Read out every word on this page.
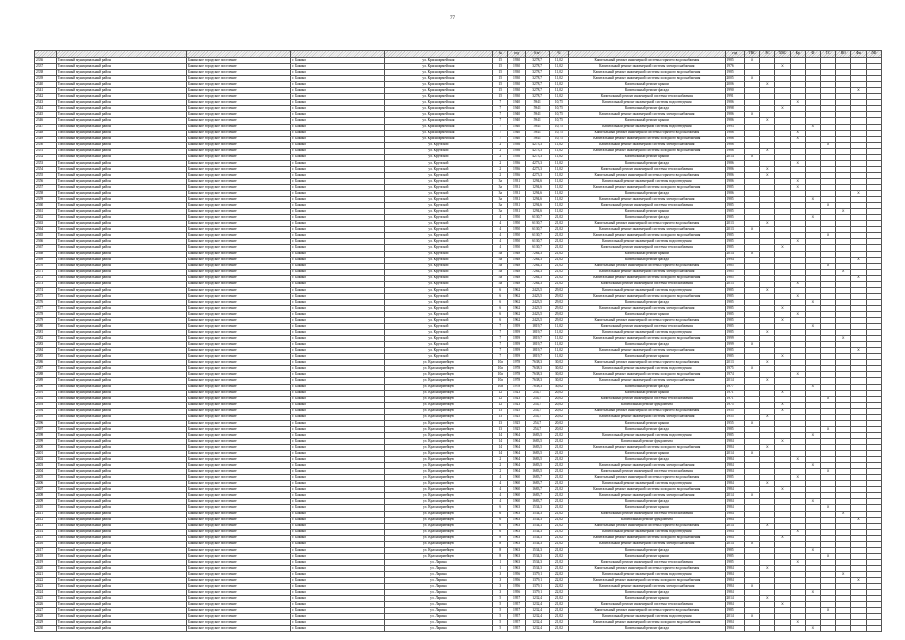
77
					№	год	S,м²	%		год	ГВС	ЭС	ХВС	Кр	Ф	ТС	ВО	Фн	ЛФ
2336	Тополиный муниципальный район	Бакинское городское поселение	г. Бакино	ул. Красноармейская	15	1930	3278,7	11,02	Капитальный ремонт инженерной системы горячего водоснабжения	1985	X								
2337	Тополиный муниципальный район	Бакинское городское поселение	г. Бакино	ул. Красноармейская	15	1930	3278,7	11,02	Капитальный ремонт инженерной системы электроснабжения	1976			X						
2338	Тополиный муниципальный район	Бакинское городское поселение	г. Бакино	ул. Красноармейская	15	1930	3278,7	11,02	Капитальный ремонт инженерной системы холодного водоснабжения	1985									
2339	Тополиный муниципальный район	Бакинское городское поселение	г. Бакино	ул. Красноармейская	15	1930	3278,7	11,02	Капитальный ремонт инженерной системы холодного водоснабжения	2005	X								
2340	Тополиный муниципальный район	Бакинское городское поселение	г. Бакино	ул. Красноармейская	15	1930	3278,7	11,02	Капитальный ремонт крыши	2006		X							
2341	Тополиный муниципальный район	Бакинское городское поселение	г. Бакино	ул. Красноармейская	15	1930	3278,7	11,02	Капитальный ремонт фасада	1990								X	
2342	Тополиный муниципальный район	Бакинское городское поселение	г. Бакино	ул. Красноармейская	15	1930	3278,7	11,02	Капитальный ремонт инженерной системы теплоснабжения	1991									
2343	Тополиный муниципальный район	Бакинское городское поселение	г. Бакино	ул. Красноармейская	7	1940	5941	10,75	Капитальный ремонт инженерной системы водоотведения	1986				X					
2344	Тополиный муниципальный район	Бакинское городское поселение	г. Бакино	ул. Красноармейская	7	1940	5941	10,75	Капитальный ремонт фасада	1998			X						
2345	Тополиный муниципальный район	Бакинское городское поселение	г. Бакино	ул. Красноармейская	7	1940	5941	10,75	Капитальный ремонт инженерной системы электроснабжения	1986	X								
2346	Тополиный муниципальный район	Бакинское городское поселение	г. Бакино	ул. Красноармейская	7	1940	5941	10,75	Капитальный ремонт крыши	1986		X							
2347	Тополиный муниципальный район	Бакинское городское поселение	г. Бакино	ул. Красноармейская	7	1940	5941	10,75	Капитальный ремонт инженерной системы водоотведения	1993					X				
2348	Тополиный муниципальный район	Бакинское городское поселение	г. Бакино	ул. Красноармейская	7	1940	5941	10,75	Капитальный ремонт инженерной системы горячего водоснабжения	1986				X					
2349	Тополиный муниципальный район	Бакинское городское поселение	г. Бакино	ул. Красноармейская	7	1940	5941	10,75	Капитальный ремонт инженерной системы холодного водоснабжения	1986				X					
2350	Тополиный муниципальный район	Бакинское городское поселение	г. Бакино	ул. Крупской	2	1936	4273,3	11,02	Капитальный ремонт инженерной системы электроснабжения	1986						X			
2351	Тополиный муниципальный район	Бакинское городское поселение	г. Бакино	ул. Крупской	2	1936	4273,3	11,02	Капитальный ремонт инженерной системы холодного водоснабжения	1986		X							
2352	Тополиный муниципальный район	Бакинское городское поселение	г. Бакино	ул. Крупской	2	1936	4273,3	11,02	Капитальный ремонт крыши	2014	X								
2353	Тополиный муниципальный район	Бакинское городское поселение	г. Бакино	ул. Крупской	2	1936	4273,3	11,02	Капитальный ремонт фасада	1986				X					
2354	Тополиный муниципальный район	Бакинское городское поселение	г. Бакино	ул. Крупской	2	1936	4273,3	11,02	Капитальный ремонт инженерной системы теплоснабжения	1986		X							
2355	Тополиный муниципальный район	Бакинское городское поселение	г. Бакино	ул. Крупской	2	1936	4273,3	11,02	Капитальный ремонт инженерной системы горячего водоснабжения	1986		X							
2356	Тополиный муниципальный район	Бакинское городское поселение	г. Бакино	ул. Крупской	3а	1931	1294,6	11,02	Капитальный ремонт инженерной системы водоотведения	1986				X					
2357	Тополиный муниципальный район	Бакинское городское поселение	г. Бакино	ул. Крупской	3а	1931	1294,6	11,02	Капитальный ремонт инженерной системы холодного водоснабжения	1985				X					
2358	Тополиный муниципальный район	Бакинское городское поселение	г. Бакино	ул. Крупской	3а	1931	1294,6	11,02	Капитальный ремонт фасада	1986								X	
2359	Тополиный муниципальный район	Бакинское городское поселение	г. Бакино	ул. Крупской	3а	1931	1294,6	11,02	Капитальный ремонт инженерной системы электроснабжения	1985					X				
2360	Тополиный муниципальный район	Бакинское городское поселение	г. Бакино	ул. Крупской	3а	1931	1294,6	11,02	Капитальный ремонт инженерной системы теплоснабжения	1985						X			
2361	Тополиный муниципальный район	Бакинское городское поселение	г. Бакино	ул. Крупской	3а	1931	1294,6	11,02	Капитальный ремонт крыши	1985							X		
2362	Тополиный муниципальный район	Бакинское городское поселение	г. Бакино	ул. Крупской	4	1950	6130,7	21,02	Капитальный ремонт фасада	1985					X				
2363	Тополиный муниципальный район	Бакинское городское поселение	г. Бакино	ул. Крупской	4	1950	6130,7	21,02	Капитальный ремонт инженерной системы горячего водоснабжения	2013		X							
2364	Тополиный муниципальный район	Бакинское городское поселение	г. Бакино	ул. Крупской	4	1950	6130,7	21,02	Капитальный ремонт инженерной системы электроснабжения	2013	X								
2365	Тополиный муниципальный район	Бакинское городское поселение	г. Бакино	ул. Крупской	4	1950	6130,7	21,02	Капитальный ремонт инженерной системы холодного водоснабжения	1985						X			
2366	Тополиный муниципальный район	Бакинское городское поселение	г. Бакино	ул. Крупской	4	1950	6130,7	21,02	Капитальный ремонт инженерной системы водоотведения	1985				X					
2367	Тополиный муниципальный район	Бакинское городское поселение	г. Бакино	ул. Крупской	4	1950	6130,7	21,02	Капитальный ремонт инженерной системы теплоснабжения	1985			X						
2368	Тополиный муниципальный район	Бакинское городское поселение	г. Бакино	ул. Крупской	5а	1948	7264,3	21,02	Капитальный ремонт крыши	2014	X								
2369	Тополиный муниципальный район	Бакинское городское поселение	г. Бакино	ул. Крупской	5а	1948	7264,3	21,02	Капитальный ремонт фасада	1994								X	
2370	Тополиный муниципальный район	Бакинское городское поселение	г. Бакино	ул. Крупской	5а	1948	7264,3	21,02	Капитальный ремонт инженерной системы горячего водоснабжения	1985						X			
2371	Тополиный муниципальный район	Бакинское городское поселение	г. Бакино	ул. Крупской	5а	1948	7264,3	21,02	Капитальный ремонт инженерной системы электроснабжения	1985							X		
2372	Тополиный муниципальный район	Бакинское городское поселение	г. Бакино	ул. Крупской	5а	1948	7264,3	21,02	Капитальный ремонт инженерной системы холодного водоснабжения	1985								X	
2373	Тополиный муниципальный район	Бакинское городское поселение	г. Бакино	ул. Крупской	5а	1948	7264,3	21,02	Капитальный ремонт инженерной системы теплоснабжения	2013				X					
2374	Тополиный муниципальный район	Бакинское городское поселение	г. Бакино	ул. Крупской	6	1962	2423,5	29,02	Капитальный ремонт инженерной системы водоотведения	1985		X							
2375	Тополиный муниципальный район	Бакинское городское поселение	г. Бакино	ул. Крупской	6	1962	2423,5	29,02	Капитальный ремонт инженерной системы холодного водоснабжения	1985				X					
2376	Тополиный муниципальный район	Бакинское городское поселение	г. Бакино	ул. Крупской	6	1962	2423,5	29,02	Капитальный ремонт фасада	1985					X				
2377	Тополиный муниципальный район	Бакинское городское поселение	г. Бакино	ул. Крупской	6	1962	2423,5	29,02	Капитальный ремонт инженерной системы электроснабжения	1985			X						
2378	Тополиный муниципальный район	Бакинское городское поселение	г. Бакино	ул. Крупской	6	1962	2423,5	29,02	Капитальный ремонт крыши	1985				X					
2379	Тополиный муниципальный район	Бакинское городское поселение	г. Бакино	ул. Крупской	6	1962	2423,5	29,02	Капитальный ремонт инженерной системы горячего водоснабжения	1985			X						
2380	Тополиный муниципальный район	Бакинское городское поселение	г. Бакино	ул. Крупской	7	1959	1819,7	11,02	Капитальный ремонт инженерной системы теплоснабжения	1985					X				
2381	Тополиный муниципальный район	Бакинское городское поселение	г. Бакино	ул. Крупской	7	1959	1819,7	11,02	Капитальный ремонт инженерной системы водоотведения	1985		X							
2382	Тополиный муниципальный район	Бакинское городское поселение	г. Бакино	ул. Крупской	7	1959	1819,7	11,02	Капитальный ремонт инженерной системы холодного водоснабжения	1999							X		
2383	Тополиный муниципальный район	Бакинское городское поселение	г. Бакино	ул. Крупской	7	1959	1819,7	11,02	Капитальный ремонт фасада	1999	X								
2384	Тополиный муниципальный район	Бакинское городское поселение	г. Бакино	ул. Крупской	7	1959	1819,7	11,02	Капитальный ремонт инженерной системы электроснабжения	1985								X	
2385	Тополиный муниципальный район	Бакинское городское поселение	г. Бакино	ул. Крупской	7	1959	1819,7	11,02	Капитальный ремонт крыши	1985			X						
2386	Тополиный муниципальный район	Бакинское городское поселение	г. Бакино	ул. Красноармейцев	10а	1978	7638,3	30,02	Капитальный ремонт инженерной системы горячего водоснабжения	2013		X							
2387	Тополиный муниципальный район	Бакинское городское поселение	г. Бакино	ул. Красноармейцев	10а	1978	7638,3	30,02	Капитальный ремонт инженерной системы водоотведения	1975	X								
2388	Тополиный муниципальный район	Бакинское городское поселение	г. Бакино	ул. Красноармейцев	10а	1978	7638,3	30,02	Капитальный ремонт инженерной системы холодного водоснабжения	1974				X					
2389	Тополиный муниципальный район	Бакинское городское поселение	г. Бакино	ул. Красноармейцев	10а	1978	7638,3	30,02	Капитальный ремонт инженерной системы электроснабжения	2014		X							
2390	Тополиный муниципальный район	Бакинское городское поселение	г. Бакино	ул. Красноармейцев	10а	1978	7638,3	30,02	Капитальный ремонт фасада	1977					X				
2391	Тополиный муниципальный район	Бакинское городское поселение	г. Бакино	ул. Красноармейцев	12	1923	254,7	20,02	Капитальный ремонт крыши	1971			X						
2392	Тополиный муниципальный район	Бакинское городское поселение	г. Бакино	ул. Красноармейцев	12	1923	254,7	20,02	Капитальный ремонт инженерной системы теплоснабжения	1971						X			
2393	Тополиный муниципальный район	Бакинское городское поселение	г. Бакино	ул. Красноармейцев	12	1923	254,7	20,02	Капитальный ремонт фундамента	1975			X						
2394	Тополиный муниципальный район	Бакинское городское поселение	г. Бакино	ул. Красноармейцев	13	1925	254,7	20,02	Капитальный ремонт инженерной системы горячего водоснабжения	1955			X						
2395	Тополиный муниципальный район	Бакинское городское поселение	г. Бакино	ул. Красноармейцев	13	1925	254,7	20,02	Капитальный ремонт инженерной системы электроснабжения	1955		X							
2396	Тополиный муниципальный район	Бакинское городское поселение	г. Бакино	ул. Красноармейцев	13	1925	254,7	20,02	Капитальный ремонт крыши	1955	X								
2397	Тополиный муниципальный район	Бакинское городское поселение	г. Бакино	ул. Красноармейцев	13	1925	254,7	20,02	Капитальный ремонт фасада	1985						X			
2398	Тополиный муниципальный район	Бакинское городское поселение	г. Бакино	ул. Красноармейцев	14	1964	1683,5	21,02	Капитальный ремонт инженерной системы водоотведения	1985					X				
2399	Тополиный муниципальный район	Бакинское городское поселение	г. Бакино	ул. Красноармейцев	14	1964	1683,5	21,02	Капитальный ремонт фундамента	1984			X						
2400	Тополиный муниципальный район	Бакинское городское поселение	г. Бакино	ул. Красноармейцев	14	1964	1683,5	21,02	Капитальный ремонт инженерной системы холодного водоснабжения	1984		X							
2401	Тополиный муниципальный район	Бакинское городское поселение	г. Бакино	ул. Красноармейцев	14	1964	1683,5	21,02	Капитальный ремонт крыши	2014	X								
2402	Тополиный муниципальный район	Бакинское городское поселение	г. Бакино	ул. Красноармейцев	2	1964	1683,5	21,02	Капитальный ремонт фасада	1984				X					
2403	Тополиный муниципальный район	Бакинское городское поселение	г. Бакино	ул. Красноармейцев	2	1964	1683,5	21,02	Капитальный ремонт инженерной системы электроснабжения	1984					X				
2404	Тополиный муниципальный район	Бакинское городское поселение	г. Бакино	ул. Красноармейцев	2	1964	1683,5	21,02	Капитальный ремонт инженерной системы теплоснабжения	1984						X			
2405	Тополиный муниципальный район	Бакинское городское поселение	г. Бакино	ул. Красноармейцев	4	1960	1683,7	21,02	Капитальный ремонт инженерной системы горячего водоснабжения	1985				X					
2406	Тополиный муниципальный район	Бакинское городское поселение	г. Бакино	ул. Красноармейцев	4	1960	1683,7	21,02	Капитальный ремонт инженерной системы водоотведения	1984		X							
2407	Тополиный муниципальный район	Бакинское городское поселение	г. Бакино	ул. Красноармейцев	4	1960	1683,7	21,02	Капитальный ремонт инженерной системы холодного водоснабжения	1984			X						
2408	Тополиный муниципальный район	Бакинское городское поселение	г. Бакино	ул. Красноармейцев	4	1960	1683,7	21,02	Капитальный ремонт инженерной системы электроснабжения	2014	X								
2409	Тополиный муниципальный район	Бакинское городское поселение	г. Бакино	ул. Красноармейцев	4	1960	1683,7	21,02	Капитальный ремонт фасада	1984					X				
2410	Тополиный муниципальный район	Бакинское городское поселение	г. Бакино	ул. Красноармейцев	6	1963	1534,3	21,02	Капитальный ремонт крыши	1984						X			
2411	Тополиный муниципальный район	Бакинское городское поселение	г. Бакино	ул. Красноармейцев	6	1963	1534,3	21,02	Капитальный ремонт инженерной системы теплоснабжения	1984							X		
2412	Тополиный муниципальный район	Бакинское городское поселение	г. Бакино	ул. Красноармейцев	6	1963	1534,3	21,02	Капитальный ремонт фундамента	1984								X	
2413	Тополиный муниципальный район	Бакинское городское поселение	г. Бакино	ул. Красноармейцев	6	1963	1534,3	21,02	Капитальный ремонт инженерной системы горячего водоснабжения	2014		X							
2414	Тополиный муниципальный район	Бакинское городское поселение	г. Бакино	ул. Красноармейцев	6	1963	1534,3	21,02	Капитальный ремонт инженерной системы водоотведения	1984				X					
2415	Тополиный муниципальный район	Бакинское городское поселение	г. Бакино	ул. Красноармейцев	8	1963	1534,3	21,02	Капитальный ремонт инженерной системы холодного водоснабжения	1984			X						
2416	Тополиный муниципальный район	Бакинское городское поселение	г. Бакино	ул. Красноармейцев	8	1963	1534,3	21,02	Капитальный ремонт инженерной системы электроснабжения	2014	X								
2417	Тополиный муниципальный район	Бакинское городское поселение	г. Бакино	ул. Красноармейцев	8	1963	1534,3	21,02	Капитальный ремонт фасада	1985					X				
2418	Тополиный муниципальный район	Бакинское городское поселение	г. Бакино	ул. Красноармейцев	8	1963	1534,3	21,02	Капитальный ремонт крыши	1985						X			
2419	Тополиный муниципальный район	Бакинское городское поселение	г. Бакино	ул. Ларина	1	1963	1534,3	21,02	Капитальный ремонт инженерной системы теплоснабжения	1985				X					
2420	Тополиный муниципальный район	Бакинское городское поселение	г. Бакино	ул. Ларина	1	1963	1534,3	21,02	Капитальный ремонт инженерной системы горячего водоснабжения	1984		X							
2421	Тополиный муниципальный район	Бакинское городское поселение	г. Бакино	ул. Ларина	3	1956	1379,1	22,02	Капитальный ремонт инженерной системы водоотведения	1984							X		
2422	Тополиный муниципальный район	Бакинское городское поселение	г. Бакино	ул. Ларина	3	1956	1379,1	22,02	Капитальный ремонт инженерной системы холодного водоснабжения	1984								X	
2423	Тополиный муниципальный район	Бакинское городское поселение	г. Бакино	ул. Ларина	3	1956	1379,1	22,02	Капитальный ремонт инженерной системы электроснабжения	1984	X								
2424	Тополиный муниципальный район	Бакинское городское поселение	г. Бакино	ул. Ларина	3	1956	1379,1	22,02	Капитальный ремонт фасада	1984					X				
2425	Тополиный муниципальный район	Бакинское городское поселение	г. Бакино	ул. Ларина	5	1957	1232,4	21,02	Капитальный ремонт крыши	2014		X							
2426	Тополиный муниципальный район	Бакинское городское поселение	г. Бакино	ул. Ларина	5	1957	1232,4	21,02	Капитальный ремонт инженерной системы теплоснабжения	1984			X						
2427	Тополиный муниципальный район	Бакинское городское поселение	г. Бакино	ул. Ларина	5	1957	1232,4	21,02	Капитальный ремонт инженерной системы горячего водоснабжения	1985						X			
2428	Тополиный муниципальный район	Бакинское городское поселение	г. Бакино	ул. Ларина	5	1957	1232,4	21,02	Капитальный ремонт инженерной системы водоотведения	2014	X								
2429	Тополиный муниципальный район	Бакинское городское поселение	г. Бакино	ул. Ларина	5	1957	1232,4	21,02	Капитальный ремонт инженерной системы холодного водоснабжения	1984				X					
2430	Тополиный муниципальный район	Бакинское городское поселение	г. Бакино	ул. Ларина	5	1957	1232,4	21,02	Капитальный ремонт фасада	1984					X				
